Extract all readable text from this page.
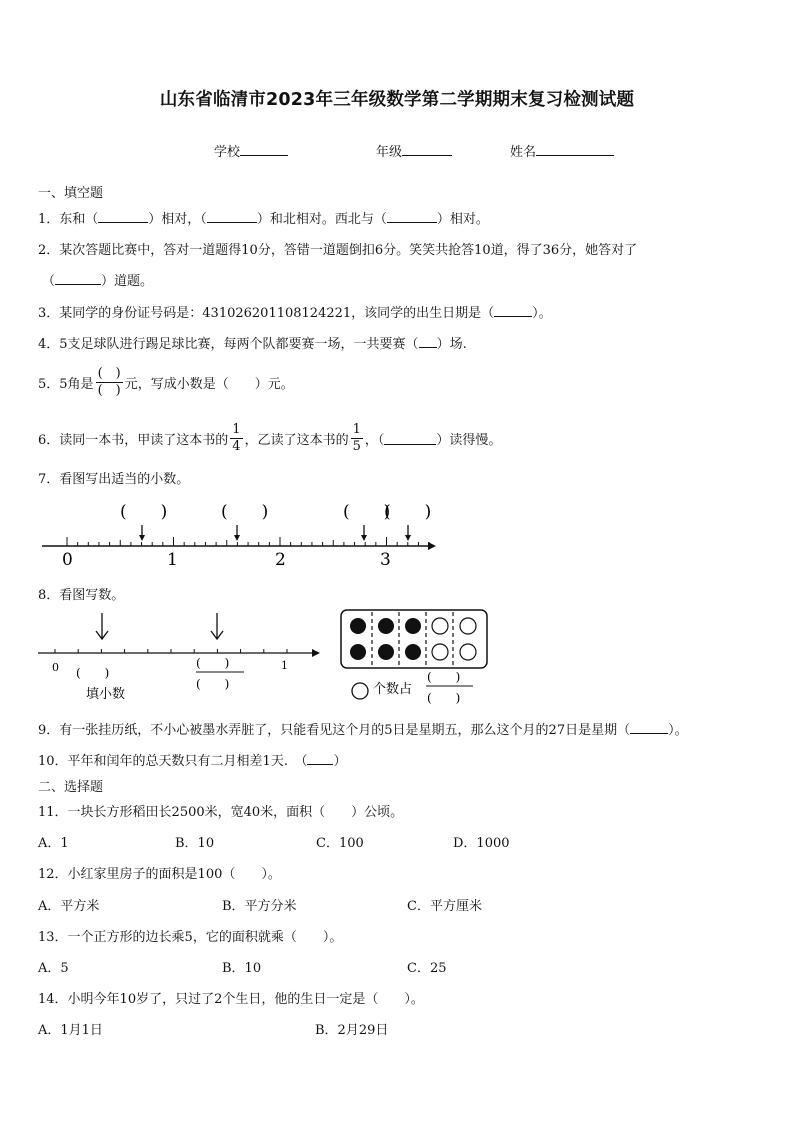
山东省临清市2023年三年级数学第二学期期末复习检测试题
学校	年级	姓名
一、填空题
1．东和（	）相对，（	）和北相对。西北与（	）相对。
2．某次答题比赛中，答对一道题得10分，答错一道题倒扣6分。笑笑共抢答10道，得了36分，她答对了
（	）道题。
3．某同学的身份证号码是：431026201108124221，该同学的出生日期是（	）。
4．5支足球队进行踢足球比赛，每两个队都要赛一场，一共要赛（ ）场.
5．5角是 $\frac{( )}{( )}$ 元，写成小数是（　　）元。
6．读同一本书，甲读了这本书的 $\frac{1}{4}$ ，乙读了这本书的 $\frac{1}{5}$ ，（	）读得慢。
7．看图写出适当的小数。
(　　)	(　　)	(　　)
(　　)
0	1	2	3
8．看图写数。
0	1
(　　)
(　　)
(　　)
填小数	个数占
(　　)
(　　)
9．有一张挂历纸，不小心被墨水弄脏了，只能看见这个月的5日是星期五，那么这个月的27日是星期（	）。
10．平年和闰年的总天数只有二月相差1天.　（ ）
二、选择题
11．一块长方形稻田长2500米，宽40米，面积（　　）公顷。
A．1	B．10	C．100	D．1000
12．小红家里房子的面积是100（　　）。
A．平方米	B．平方分米	C．平方厘米
13．一个正方形的边长乘5，它的面积就乘（　　）。
A．5	B．10	C．25
14．小明今年10岁了，只过了2个生日，他的生日一定是（　　）。
A．1月1日	B．2月29日
